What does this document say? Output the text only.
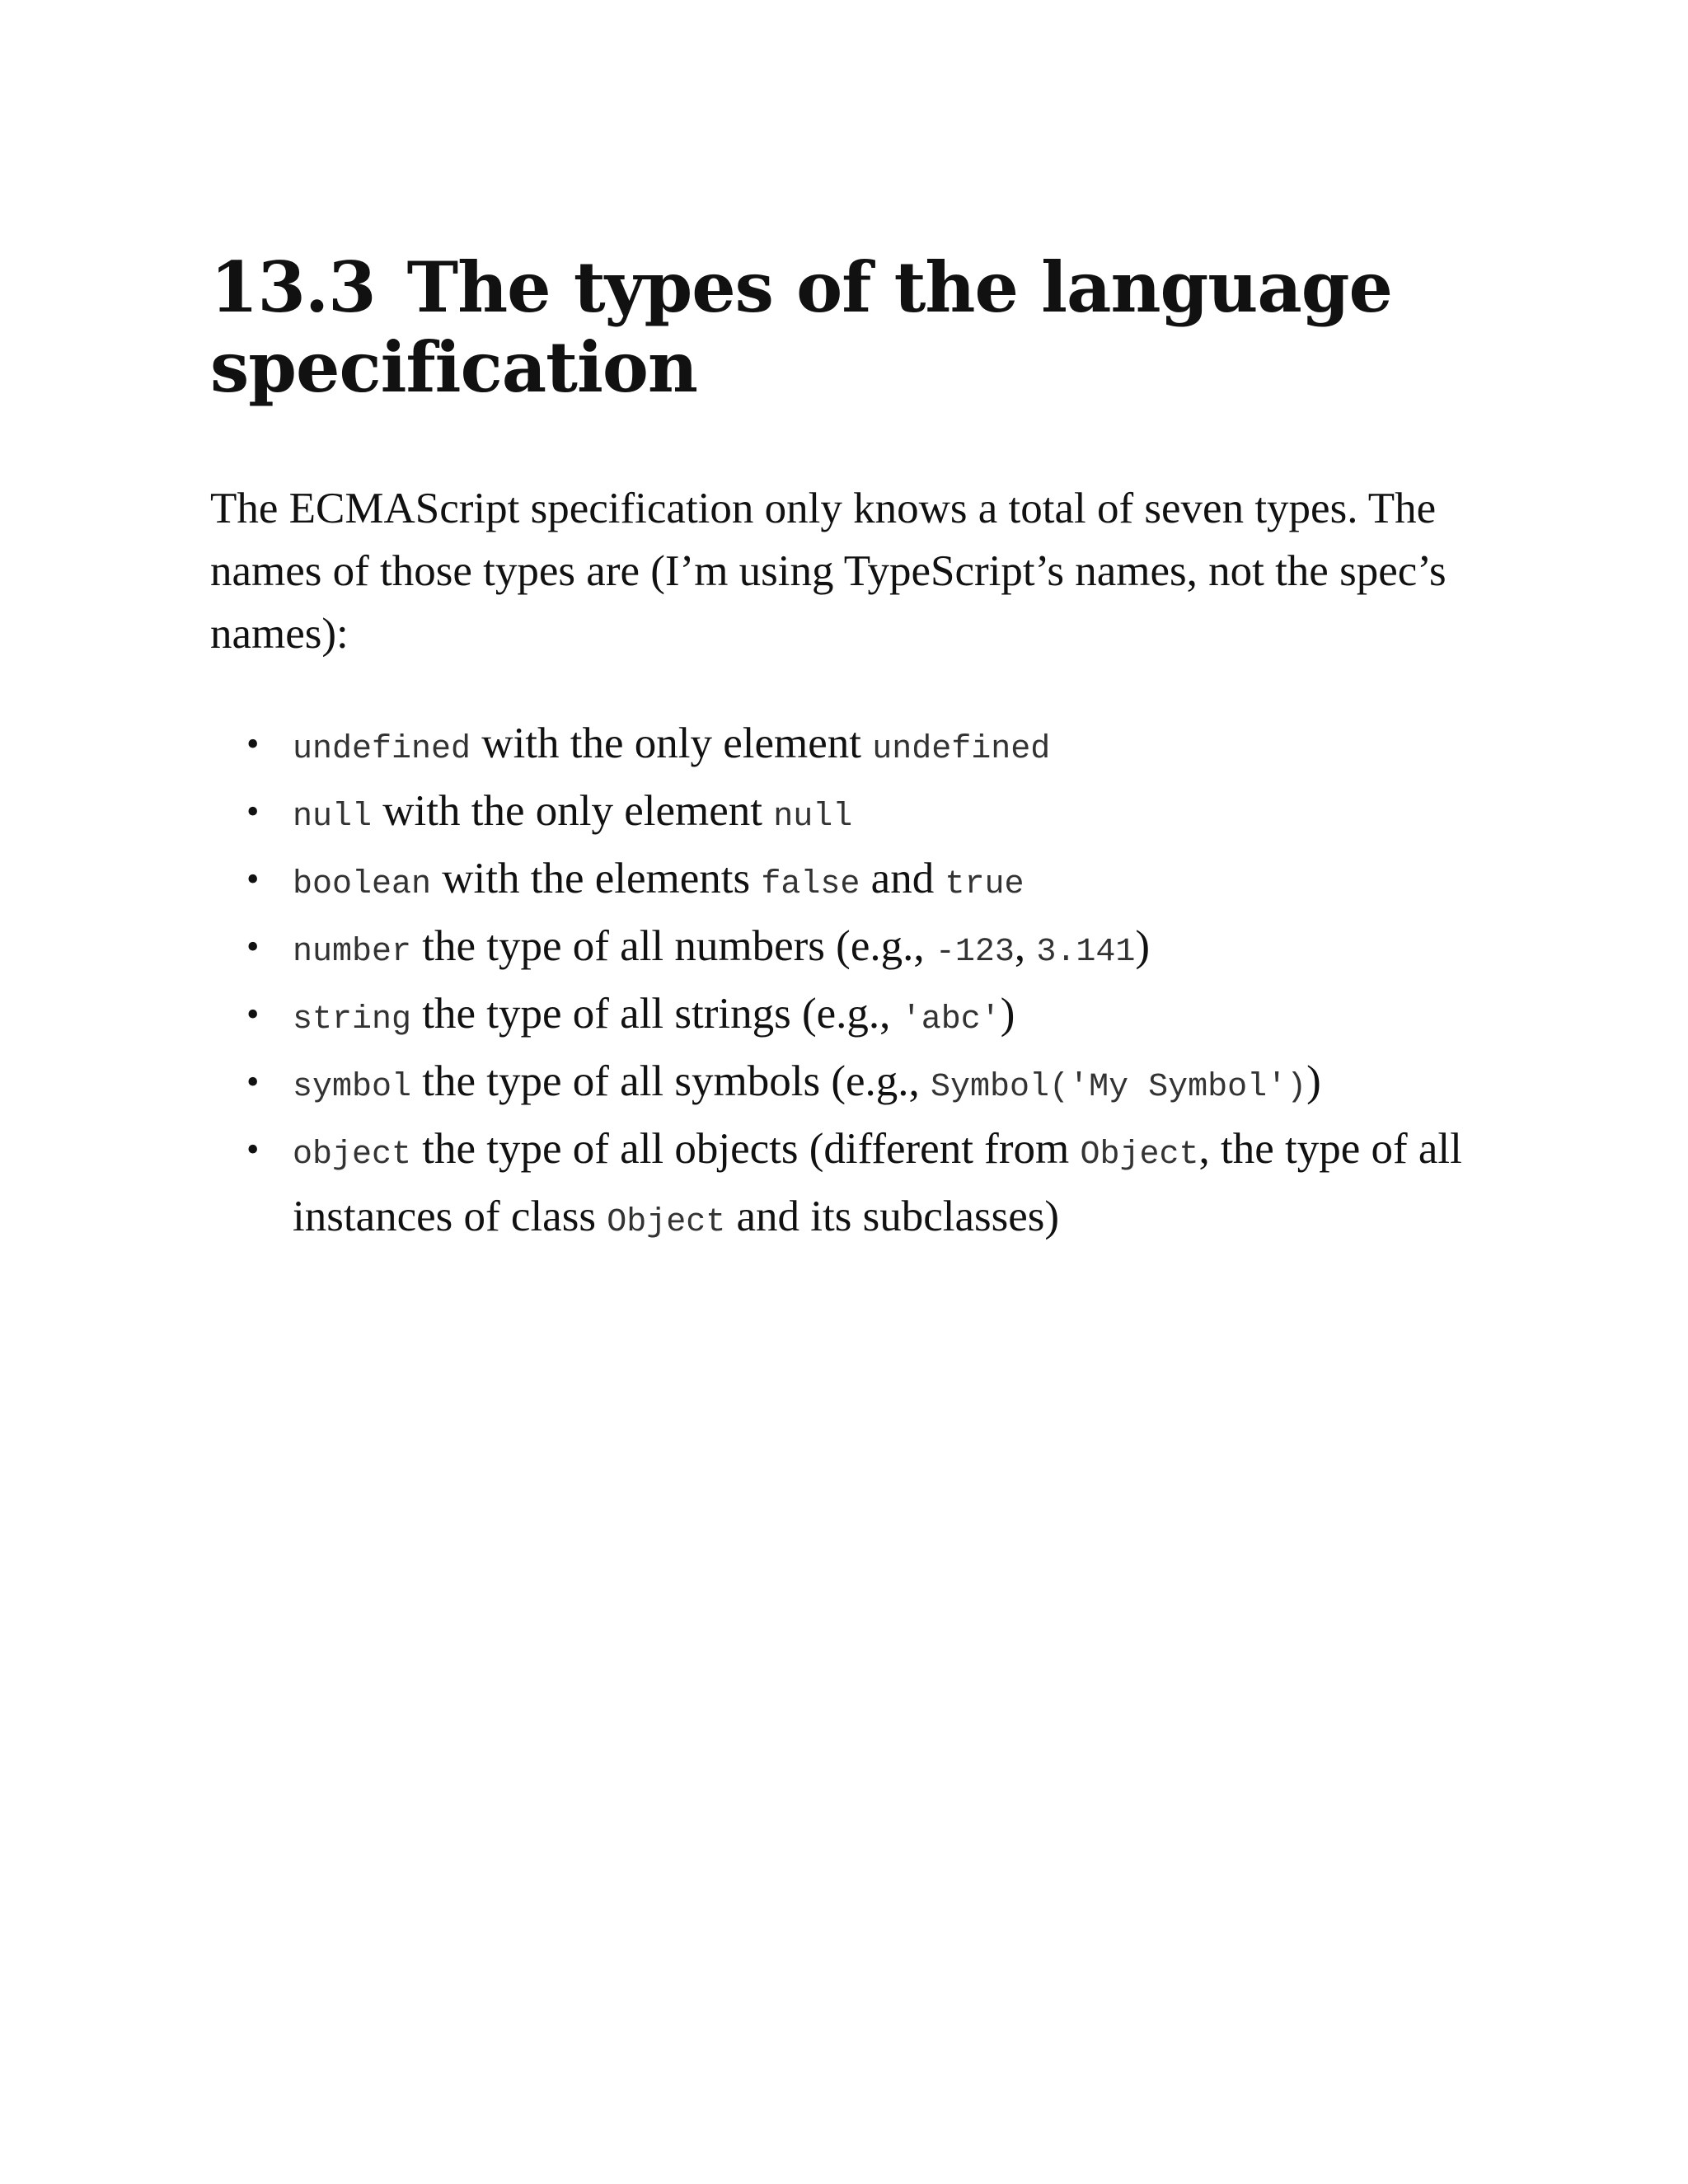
13.3 The types of the language specification

The ECMAScript specification only knows a total of seven types. The names of those types are (I’m using TypeScript’s names, not the spec’s names):

• undefined with the only element undefined
• null with the only element null
• boolean with the elements false and true
• number the type of all numbers (e.g., -123, 3.141)
• string the type of all strings (e.g., 'abc')
• symbol the type of all symbols (e.g., Symbol('My Symbol'))
• object the type of all objects (different from Object, the type of all instances of class Object and its subclasses)
